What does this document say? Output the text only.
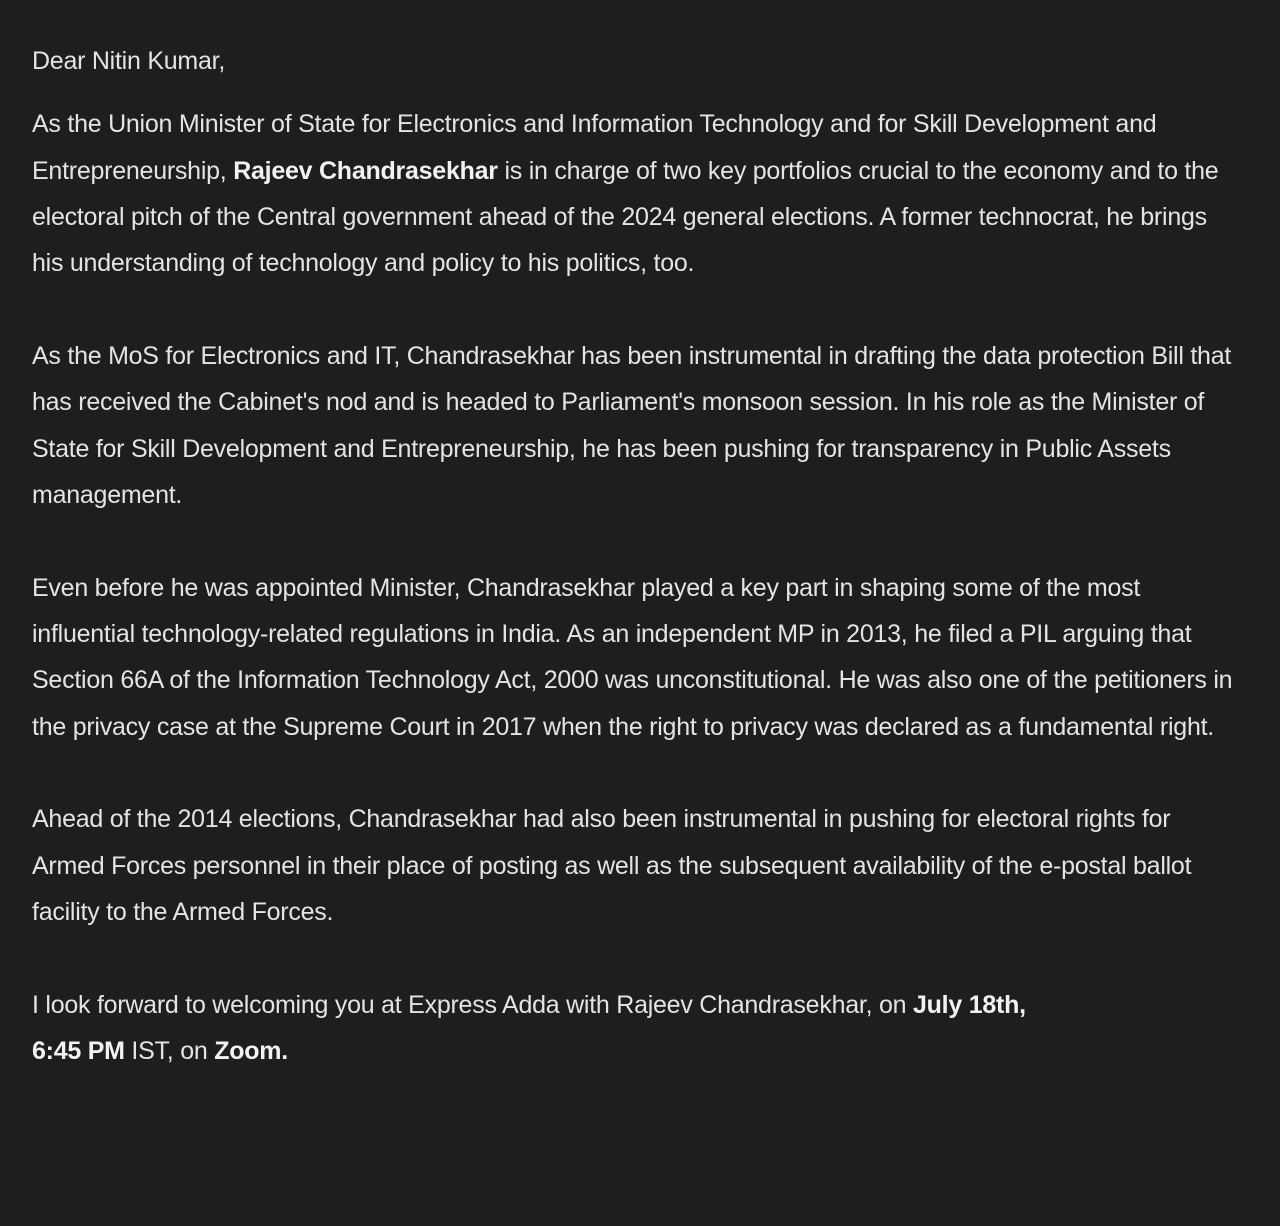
Dear Nitin Kumar,

As the Union Minister of State for Electronics and Information Technology and for Skill Development and Entrepreneurship, Rajeev Chandrasekhar is in charge of two key portfolios crucial to the economy and to the electoral pitch of the Central government ahead of the 2024 general elections. A former technocrat, he brings his understanding of technology and policy to his politics, too.

As the MoS for Electronics and IT, Chandrasekhar has been instrumental in drafting the data protection Bill that has received the Cabinet's nod and is headed to Parliament's monsoon session. In his role as the Minister of State for Skill Development and Entrepreneurship, he has been pushing for transparency in Public Assets management.

Even before he was appointed Minister, Chandrasekhar played a key part in shaping some of the most influential technology-related regulations in India. As an independent MP in 2013, he filed a PIL arguing that Section 66A of the Information Technology Act, 2000 was unconstitutional. He was also one of the petitioners in the privacy case at the Supreme Court in 2017 when the right to privacy was declared as a fundamental right.

Ahead of the 2014 elections, Chandrasekhar had also been instrumental in pushing for electoral rights for Armed Forces personnel in their place of posting as well as the subsequent availability of the e-postal ballot facility to the Armed Forces.

I look forward to welcoming you at Express Adda with Rajeev Chandrasekhar, on July 18th,
6:45 PM IST, on Zoom.
